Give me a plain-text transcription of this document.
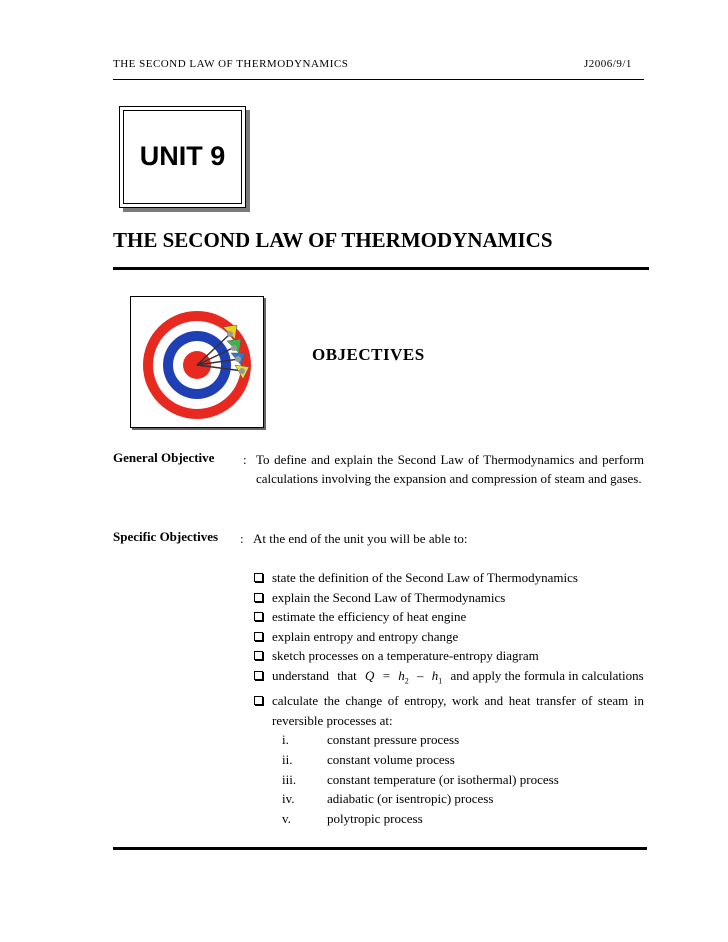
THE SECOND LAW OF THERMODYNAMICS	J2006/9/1
UNIT 9
THE SECOND LAW OF THERMODYNAMICS
OBJECTIVES
General Objective : To define and explain the Second Law of Thermodynamics and perform calculations involving the expansion and compression of steam and gases.
Specific Objectives : At the end of the unit you will be able to:
state the definition of the Second Law of Thermodynamics
explain the Second Law of Thermodynamics
estimate the efficiency of heat engine
explain entropy and entropy change
sketch processes on a temperature-entropy diagram
understand that $Q = h_2 - h_1$ and apply the formula in calculations
calculate the change of entropy, work and heat transfer of steam in reversible processes at:
i.	constant pressure process
ii.	constant volume process
iii. constant temperature (or isothermal) process
iv. adiabatic (or isentropic) process
v.	polytropic process
